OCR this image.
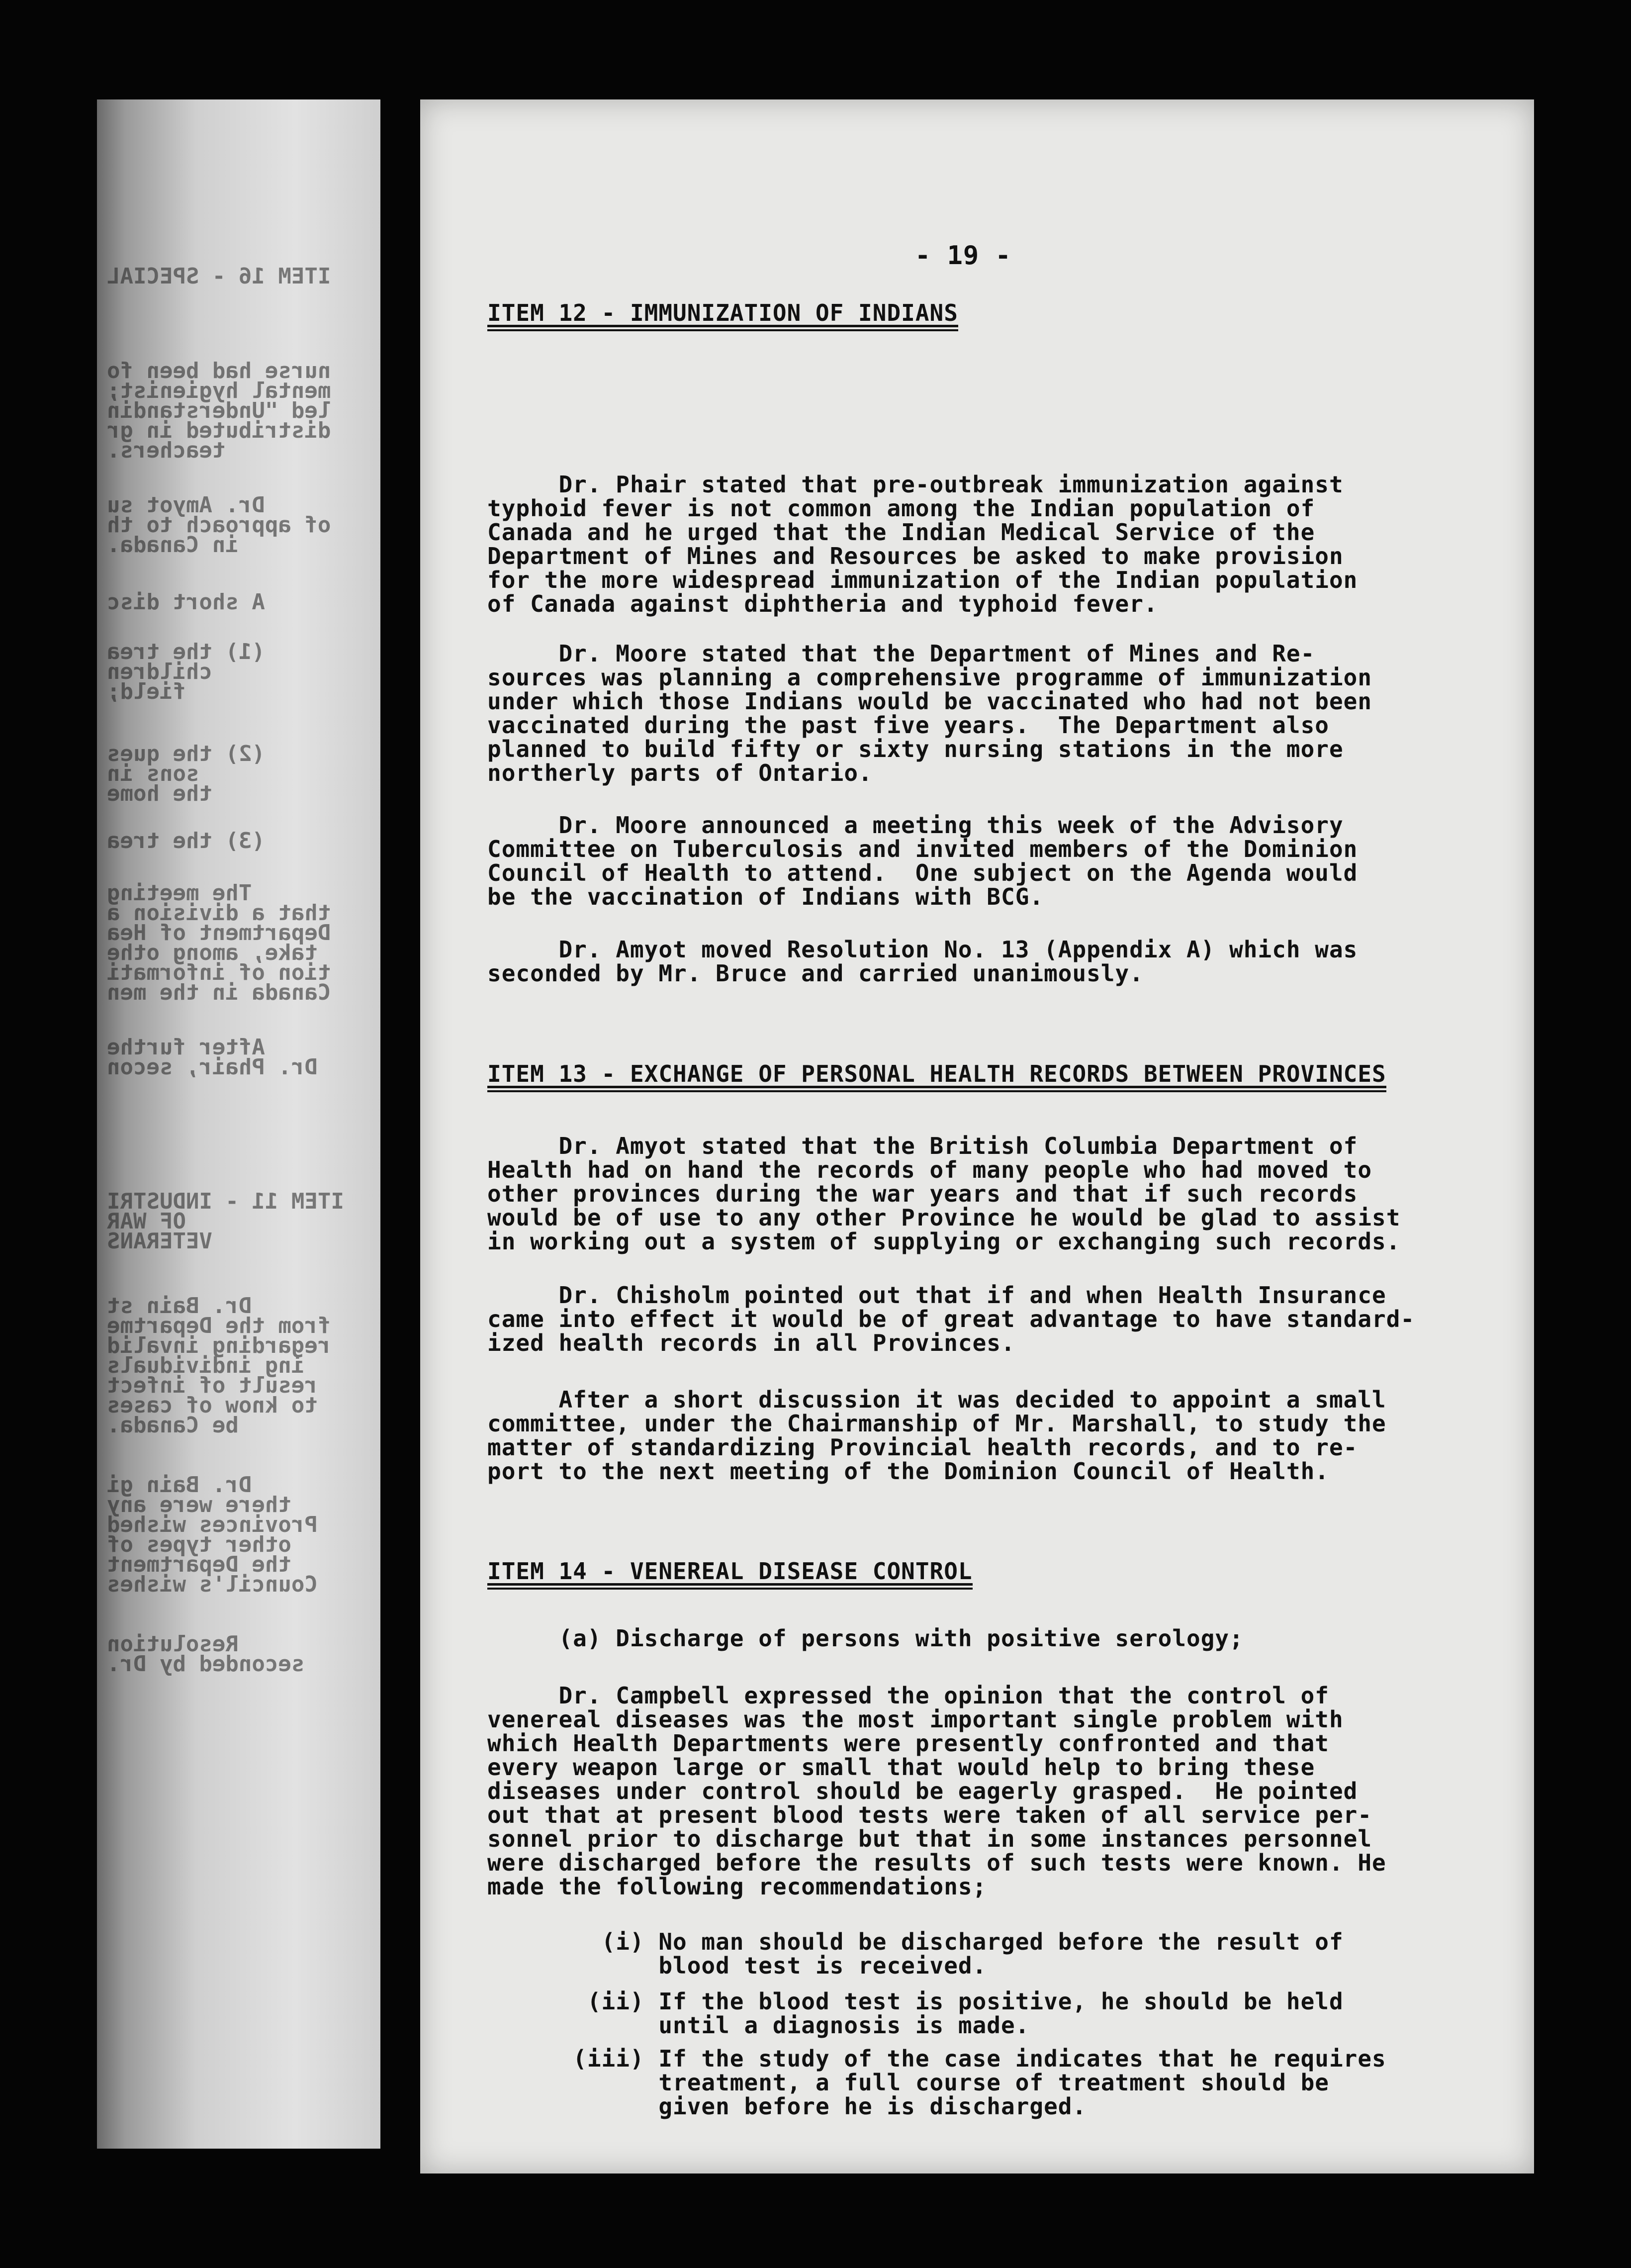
ITEM 16 - SPECIAL
nurse had been fo
mental hygienist;
led "Understandin
distributed in gr
teachers.
Dr. Amyot su
of approach to th
in Canada.
A short disc
(1) the trea
children
field;
(2) the ques
sons in
the home
(3) the trea
The meeting
that a division a
Department of Hea
take, among othe
tion of informati
Canada in the men
After furthe
Dr. Phair, secon
ITEM 11 - INDUSTRI
OF WAR
VETERANS
Dr. Bain st
from the Departme
regarding invalid
ing individuals
result of infect
to know of cases
be Canada.
Dr. Bain gi
there were any
Provinces wished
other types of
the Department
Council's wishes
Resolution
seconded by Dr.
- 19 -
ITEM 12 - IMMUNIZATION OF INDIANS
Dr. Phair stated that pre-outbreak immunization against
typhoid fever is not common among the Indian population of
Canada and he urged that the Indian Medical Service of the
Department of Mines and Resources be asked to make provision
for the more widespread immunization of the Indian population
of Canada against diphtheria and typhoid fever.
Dr. Moore stated that the Department of Mines and Re-
sources was planning a comprehensive programme of immunization
under which those Indians would be vaccinated who had not been
vaccinated during the past five years.  The Department also
planned to build fifty or sixty nursing stations in the more
northerly parts of Ontario.
Dr. Moore announced a meeting this week of the Advisory
Committee on Tuberculosis and invited members of the Dominion
Council of Health to attend.  One subject on the Agenda would
be the vaccination of Indians with BCG.
Dr. Amyot moved Resolution No. 13 (Appendix A) which was
seconded by Mr. Bruce and carried unanimously.
ITEM 13 - EXCHANGE OF PERSONAL HEALTH RECORDS BETWEEN PROVINCES
Dr. Amyot stated that the British Columbia Department of
Health had on hand the records of many people who had moved to
other provinces during the war years and that if such records
would be of use to any other Province he would be glad to assist
in working out a system of supplying or exchanging such records.
Dr. Chisholm pointed out that if and when Health Insurance
came into effect it would be of great advantage to have standard-
ized health records in all Provinces.
After a short discussion it was decided to appoint a small
committee, under the Chairmanship of Mr. Marshall, to study the
matter of standardizing Provincial health records, and to re-
port to the next meeting of the Dominion Council of Health.
ITEM 14 - VENEREAL DISEASE CONTROL
(a) Discharge of persons with positive serology;
Dr. Campbell expressed the opinion that the control of
venereal diseases was the most important single problem with
which Health Departments were presently confronted and that
every weapon large or small that would help to bring these
diseases under control should be eagerly grasped.  He pointed
out that at present blood tests were taken of all service per-
sonnel prior to discharge but that in some instances personnel
were discharged before the results of such tests were known. He
made the following recommendations;
(i) No man should be discharged before the result of
blood test is received.
(ii) If the blood test is positive, he should be held
until a diagnosis is made.
(iii) If the study of the case indicates that he requires
treatment, a full course of treatment should be
given before he is discharged.
